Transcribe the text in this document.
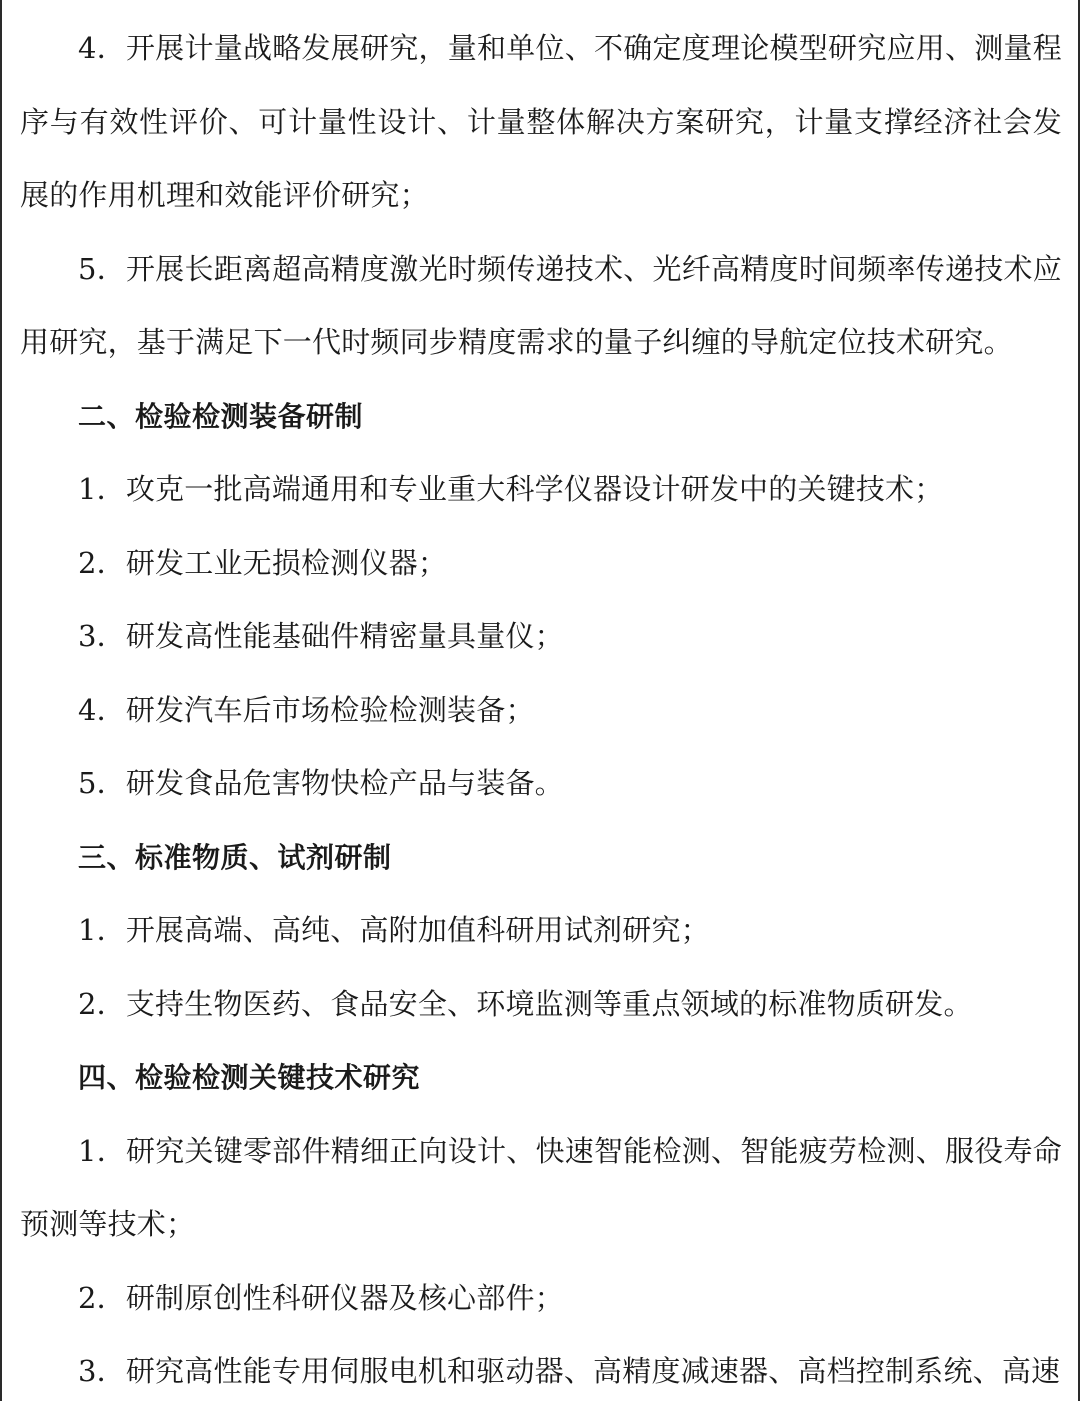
4．开展计量战略发展研究，量和单位、不确定度理论模型研究应用、测量程序与有效性评价、可计量性设计、计量整体解决方案研究，计量支撑经济社会发展的作用机理和效能评价研究；

5．开展长距离超高精度激光时频传递技术、光纤高精度时间频率传递技术应用研究，基于满足下一代时频同步精度需求的量子纠缠的导航定位技术研究。

二、检验检测装备研制

1．攻克一批高端通用和专业重大科学仪器设计研发中的关键技术；

2．研发工业无损检测仪器；

3．研发高性能基础件精密量具量仪；

4．研发汽车后市场检验检测装备；

5．研发食品危害物快检产品与装备。

三、标准物质、试剂研制

1．开展高端、高纯、高附加值科研用试剂研究；

2．支持生物医药、食品安全、环境监测等重点领域的标准物质研发。

四、检验检测关键技术研究

1．研究关键零部件精细正向设计、快速智能检测、智能疲劳检测、服役寿命预测等技术；

2．研制原创性科研仪器及核心部件；

3．研究高性能专用伺服电机和驱动器、高精度减速器、高档控制系统、高速
